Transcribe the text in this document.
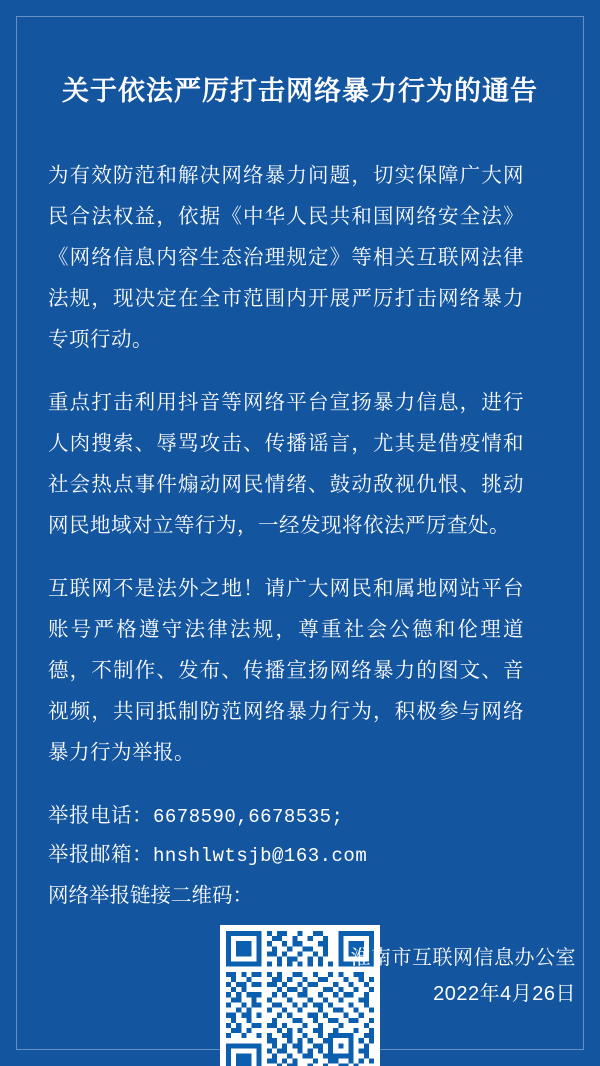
关于依法严厉打击网络暴力行为的通告

为有效防范和解决网络暴力问题，切实保障广大网民合法权益，依据《中华人民共和国网络安全法》《网络信息内容生态治理规定》等相关互联网法律法规，现决定在全市范围内开展严厉打击网络暴力专项行动。

重点打击利用抖音等网络平台宣扬暴力信息，进行人肉搜索、辱骂攻击、传播谣言，尤其是借疫情和社会热点事件煽动网民情绪、鼓动敌视仇恨、挑动网民地域对立等行为，一经发现将依法严厉查处。

互联网不是法外之地！请广大网民和属地网站平台账号严格遵守法律法规，尊重社会公德和伦理道德，不制作、发布、传播宣扬网络暴力的图文、音视频，共同抵制防范网络暴力行为，积极参与网络暴力行为举报。

举报电话：6678590,6678535;
举报邮箱：hnshlwtsjb@163.com

网络举报链接二维码：

淮南市互联网信息办公室
2022年4月26日
